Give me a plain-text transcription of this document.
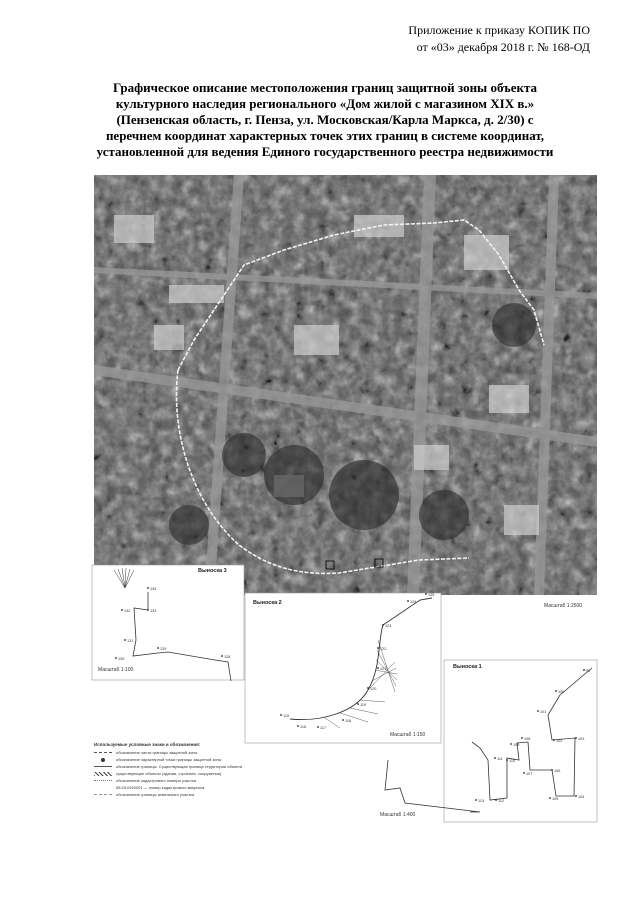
Приложение к приказу КОПИК ПО
от «03» декабря 2018 г. № 168-ОД
Графическое описание местоположения границ защитной зоны объекта
культурного наследия регионального «Дом жилой с магазином XIX в.»
(Пензенская область, г. Пенза, ул. Московская/Карла Маркса, д. 2/30) с
перечнем координат характерных точек этих границ в системе координат,
установленной для ведения Единого государственного реестра недвижимости
Масштаб 1:2500
Выноска 3
Масштаб 1:100
Выноска 2
Масштаб 1:150
Выноска 1
Масштаб 1:400
134
133
132
131
130
129
128
115
116	117
118
119
120
121
122
123
124
125
99
100
101
102	103
104
105
106
107
108
109
110
111
112
113
Используемые условные знаки и обозначения:
обозначение части границы защитной зоны
обозначение характерной точки границы защитной зоны
обозначение границы. Существующая граница территории объекта
существующие объекты (здания, строения, сооружения)
обозначение кадастрового номера участка
58:29:0402001 — номер кадастрового квартала
обозначение границы земельного участка
